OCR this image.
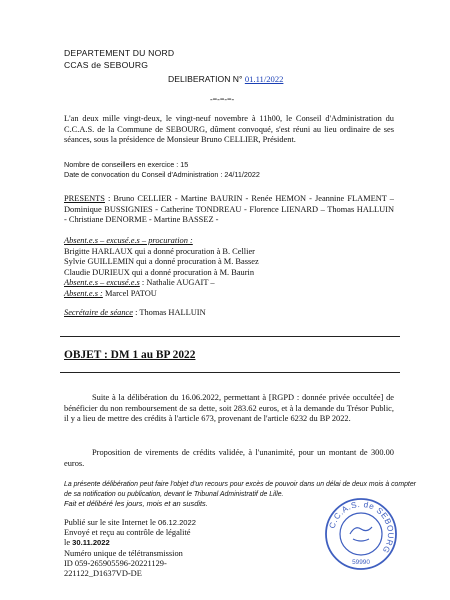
DEPARTEMENT DU NORD
CCAS de SEBOURG
DELIBERATION N° 01.11/2022
-=-=-=-
L'an deux mille vingt-deux, le vingt-neuf novembre à 11h00, le Conseil d'Administration du C.C.A.S. de la Commune de SEBOURG, dûment convoqué, s'est réuni au lieu ordinaire de ses séances, sous la présidence de Monsieur Bruno CELLIER, Président.
Nombre de conseillers en exercice : 15
Date de convocation du Conseil d'Administration : 24/11/2022
PRESENTS : Bruno CELLIER - Martine BAURIN - Renée HEMON - Jeannine FLAMENT – Dominique BUSSIGNIES - Catherine TONDREAU - Florence LIENARD – Thomas HALLUIN - Christiane DENORME - Martine BASSEZ -
Absent.e.s – excusé.e.s – procuration :
Brigitte HARLAUX qui a donné procuration à B. Cellier
Sylvie GUILLEMIN qui a donné procuration à M. Bassez
Claudie DURIEUX qui a donné procuration à M. Baurin
Absent.e.s – excusé.e.s : Nathalie AUGAIT –
Absent.e.s : Marcel PATOU
Secrétaire de séance : Thomas HALLUIN
OBJET : DM 1 au BP 2022
Suite à la délibération du 16.06.2022, permettant à [RGPD : donnée privée occultée] de bénéficier du non remboursement de sa dette, soit 283.62 euros, et à la demande du Trésor Public, il y a lieu de mettre des crédits à l'article 673, provenant de l'article 6232 du BP 2022.
Proposition de virements de crédits validée, à l'unanimité, pour un montant de 300.00 euros.
La présente délibération peut faire l'objet d'un recours pour excès de pouvoir dans un délai de deux mois à compter
de sa notification ou publication, devant le Tribunal Administratif de Lille.
Fait et délibéré les jours, mois et an susdits.
Publié sur le site Internet le 06.12.2022
Envoyé et reçu au contrôle de légalité
le 30.11.2022
Numéro unique de télétransmission
ID 059-265905596-20221129-
221122_D1637VD-DE
C.C.A.S. de SEBOURG
59990
